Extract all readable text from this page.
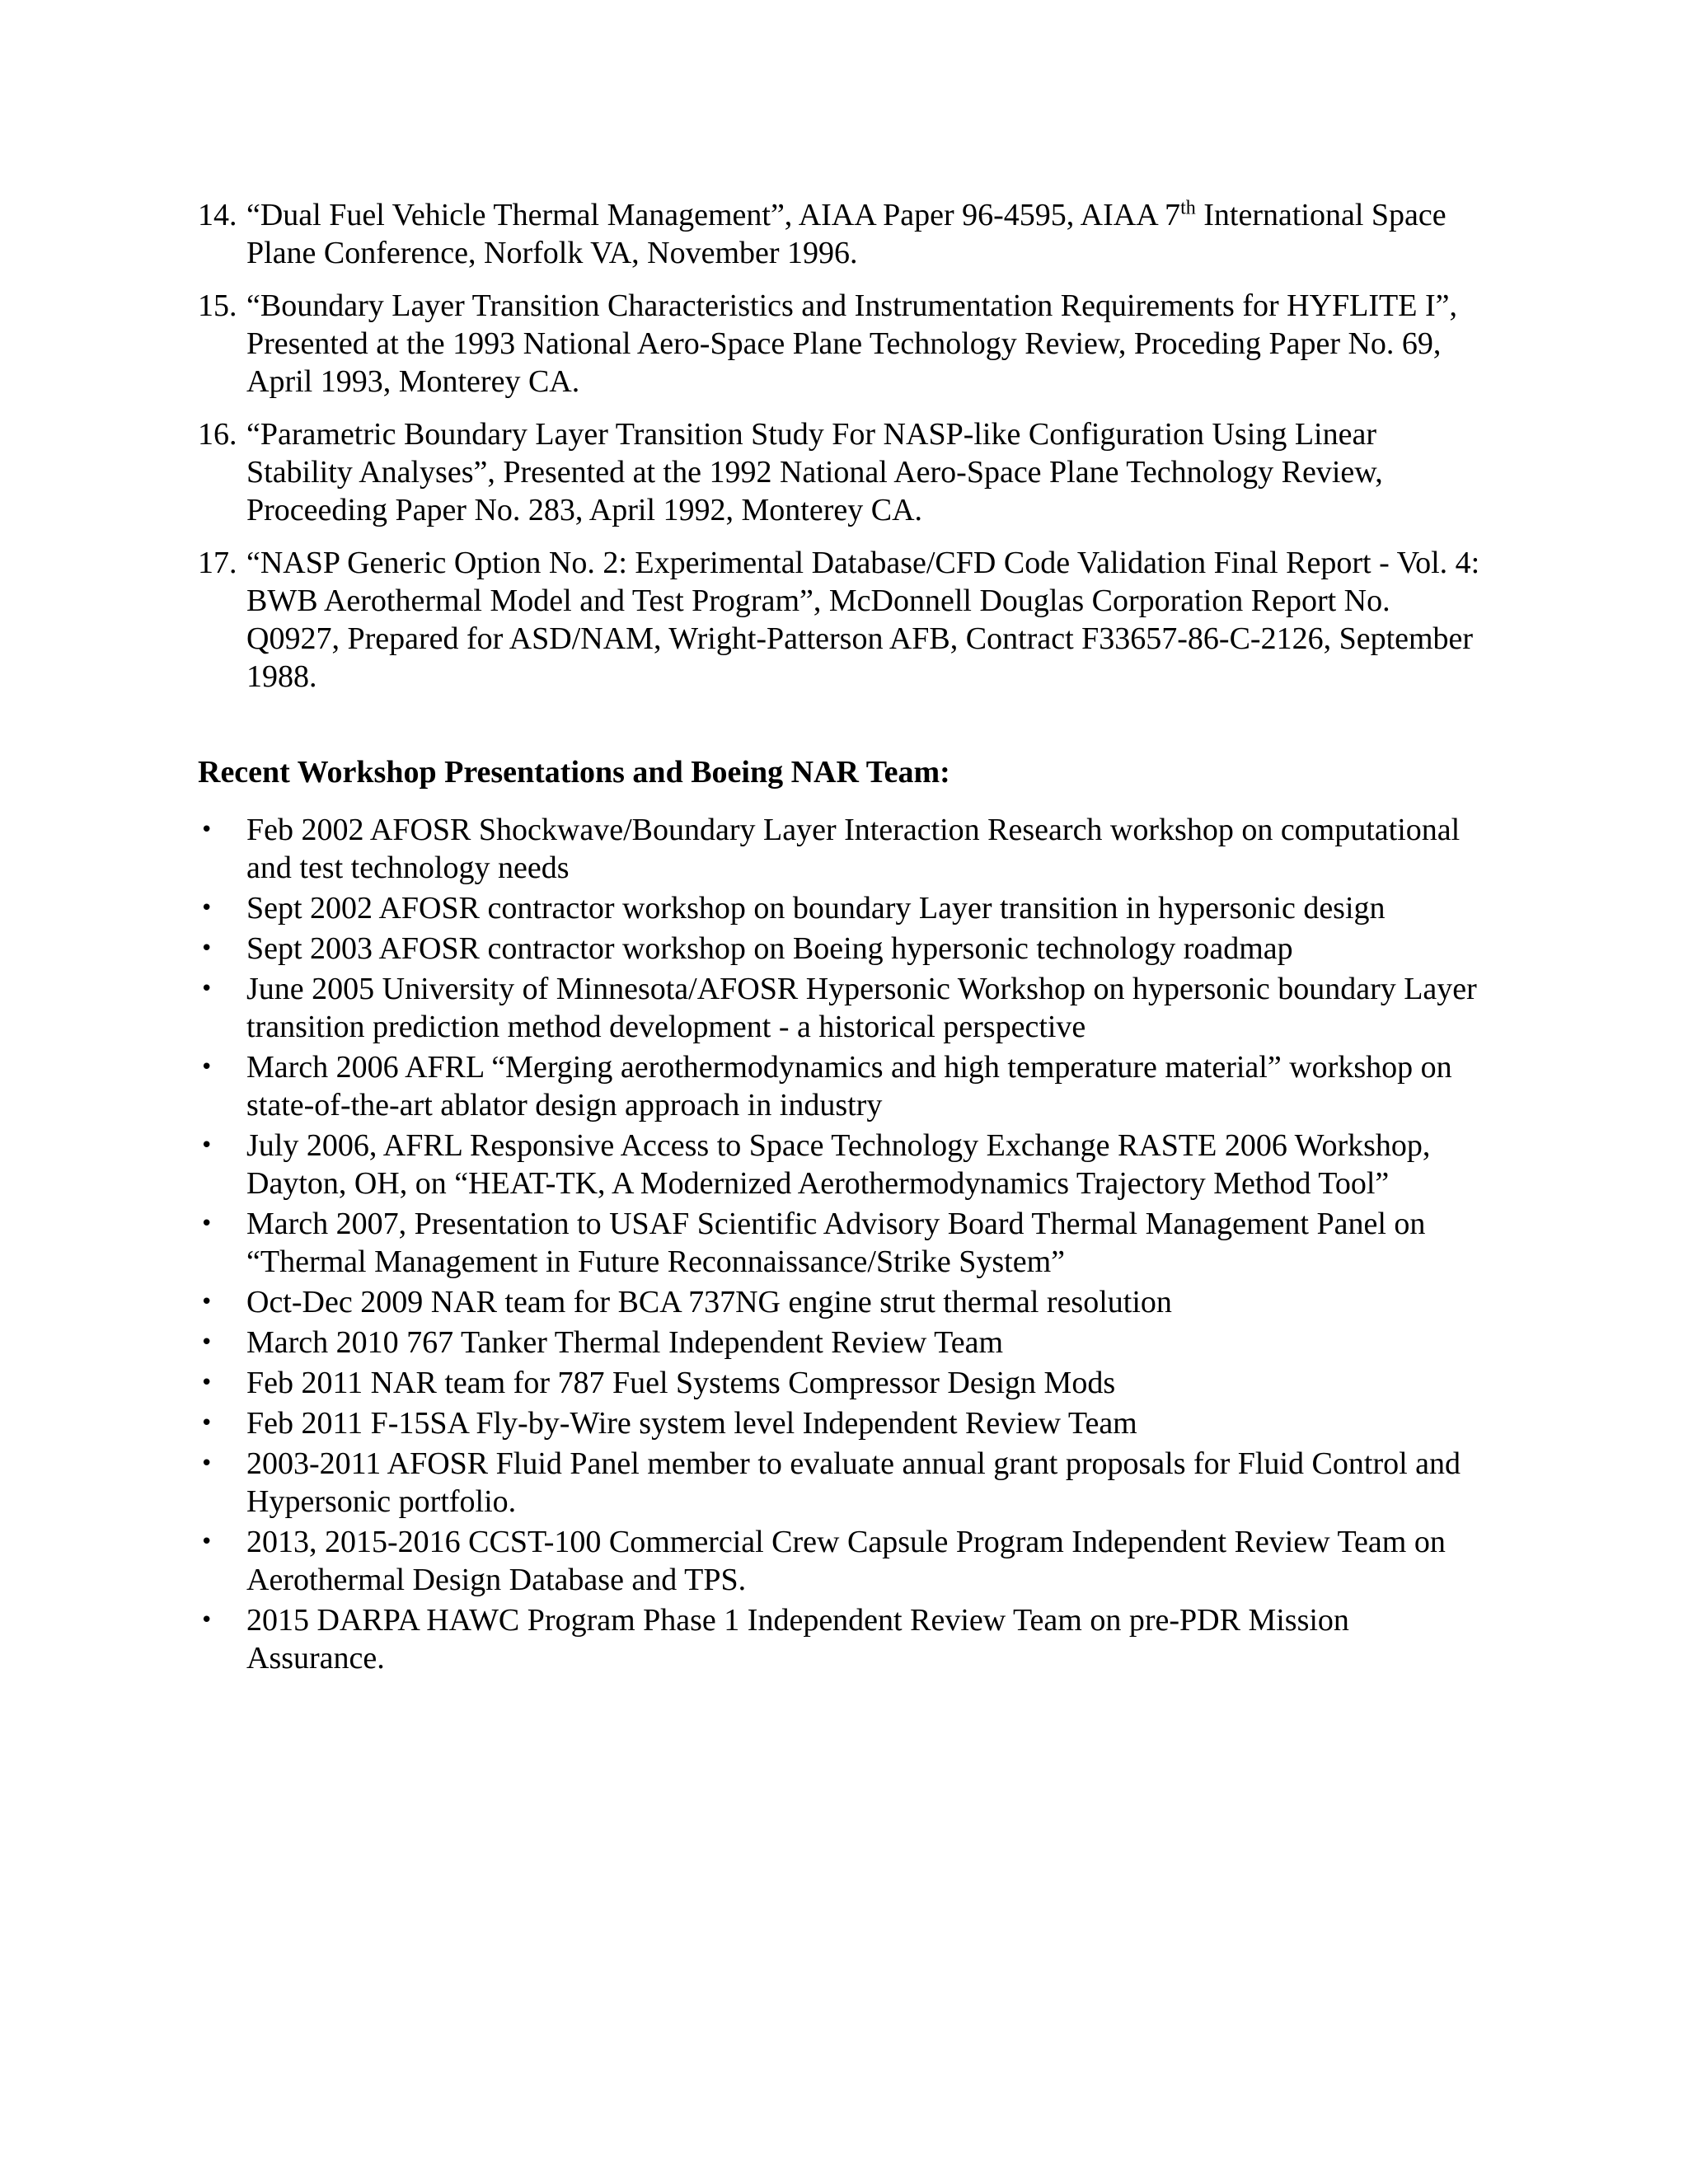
14. “Dual Fuel Vehicle Thermal Management”, AIAA Paper 96-4595, AIAA 7th International Space Plane Conference, Norfolk VA, November 1996.
15. “Boundary Layer Transition Characteristics and Instrumentation Requirements for HYFLITE I”, Presented at the 1993 National Aero-Space Plane Technology Review, Proceding Paper No. 69, April 1993, Monterey CA.
16. “Parametric Boundary Layer Transition Study For NASP-like Configuration Using Linear Stability Analyses”, Presented at the 1992 National Aero-Space Plane Technology Review, Proceeding Paper No. 283, April 1992, Monterey CA.
17. “NASP Generic Option No. 2: Experimental Database/CFD Code Validation Final Report - Vol. 4: BWB Aerothermal Model and Test Program”, McDonnell Douglas Corporation Report No. Q0927, Prepared for ASD/NAM, Wright-Patterson AFB, Contract F33657-86-C-2126, September 1988.
Recent Workshop Presentations and Boeing NAR Team:
• Feb 2002 AFOSR Shockwave/Boundary Layer Interaction Research workshop on computational and test technology needs
• Sept 2002 AFOSR contractor workshop on boundary Layer transition in hypersonic design
• Sept 2003 AFOSR contractor workshop on Boeing hypersonic technology roadmap
• June 2005 University of Minnesota/AFOSR Hypersonic Workshop on hypersonic boundary Layer transition prediction method development - a historical perspective
• March 2006 AFRL “Merging aerothermodynamics and high temperature material” workshop on state-of-the-art ablator design approach in industry
• July 2006, AFRL Responsive Access to Space Technology Exchange RASTE 2006 Workshop, Dayton, OH, on “HEAT-TK, A Modernized Aerothermodynamics Trajectory Method Tool”
• March 2007, Presentation to USAF Scientific Advisory Board Thermal Management Panel on “Thermal Management in Future Reconnaissance/Strike System”
• Oct-Dec 2009 NAR team for BCA 737NG engine strut thermal resolution
• March 2010 767 Tanker Thermal Independent Review Team
• Feb 2011 NAR team for 787 Fuel Systems Compressor Design Mods
• Feb 2011 F-15SA Fly-by-Wire system level Independent Review Team
• 2003-2011 AFOSR Fluid Panel member to evaluate annual grant proposals for Fluid Control and Hypersonic portfolio.
• 2013, 2015-2016 CCST-100 Commercial Crew Capsule Program Independent Review Team on Aerothermal Design Database and TPS.
• 2015 DARPA HAWC Program Phase 1 Independent Review Team on pre-PDR Mission Assurance.
